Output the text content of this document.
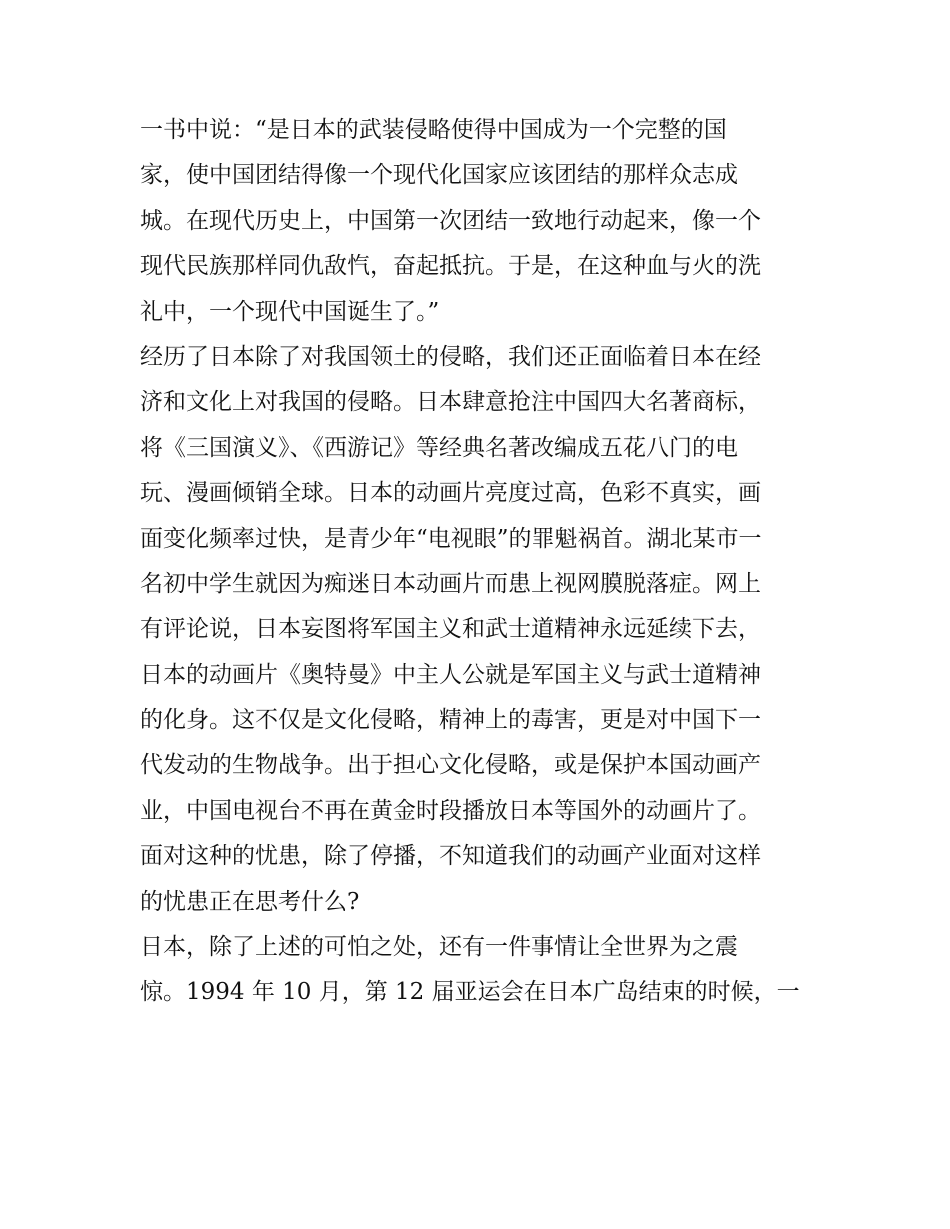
一书中说：“是日本的武装侵略使得中国成为一个完整的国
家，使中国团结得像一个现代化国家应该团结的那样众志成
城。在现代历史上，中国第一次团结一致地行动起来，像一个
现代民族那样同仇敌忾，奋起抵抗。于是，在这种血与火的洗
礼中，一个现代中国诞生了。”
经历了日本除了对我国领土的侵略，我们还正面临着日本在经
济和文化上对我国的侵略。日本肆意抢注中国四大名著商标，
将《三国演义》、《西游记》等经典名著改编成五花八门的电
玩、漫画倾销全球。日本的动画片亮度过高，色彩不真实，画
面变化频率过快，是青少年“电视眼”的罪魁祸首。湖北某市一
名初中学生就因为痴迷日本动画片而患上视网膜脱落症。网上
有评论说，日本妄图将军国主义和武士道精神永远延续下去，
日本的动画片《奥特曼》中主人公就是军国主义与武士道精神
的化身。这不仅是文化侵略，精神上的毒害，更是对中国下一
代发动的生物战争。出于担心文化侵略，或是保护本国动画产
业，中国电视台不再在黄金时段播放日本等国外的动画片了。
面对这种的忧患，除了停播，不知道我们的动画产业面对这样
的忧患正在思考什么?
日本，除了上述的可怕之处，还有一件事情让全世界为之震
惊。1994 年 10 月，第 12 届亚运会在日本广岛结束的时候，一
